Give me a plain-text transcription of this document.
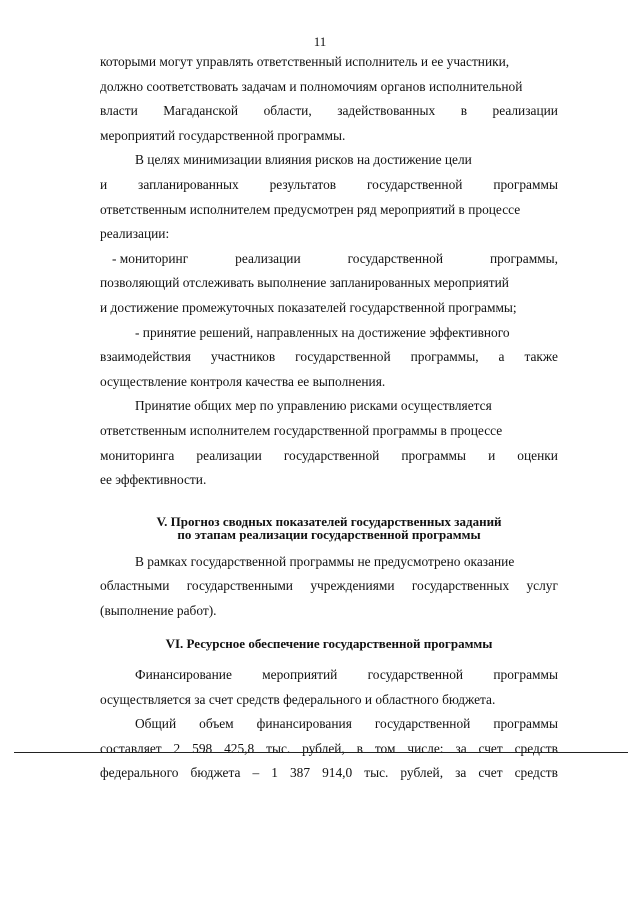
11
которыми могут управлять ответственный исполнитель и ее участники,
должно соответствовать задачам и полномочиям органов исполнительной
власти Магаданской области, задействованных в реализации
мероприятий государственной программы.
В целях минимизации влияния рисков на достижение цели
и запланированных результатов государственной программы
ответственным исполнителем предусмотрен ряд мероприятий в процессе
реализации:
- мониторинг	реализации	государственной	программы,
позволяющий отслеживать выполнение запланированных мероприятий
и достижение промежуточных показателей государственной программы;
- принятие решений, направленных на достижение эффективного
взаимодействия участников государственной программы, а также
осуществление контроля качества ее выполнения.
Принятие общих мер по управлению рисками осуществляется
ответственным исполнителем государственной программы в процессе
мониторинга реализации государственной программы и оценки
ее эффективности.
V. Прогноз сводных показателей государственных заданий
по этапам реализации государственной программы
В рамках государственной программы не предусмотрено оказание
областными государственными учреждениями государственных услуг
(выполнение работ).
VI. Ресурсное обеспечение государственной программы
Финансирование мероприятий государственной программы
осуществляется за счет средств федерального и областного бюджета.
Общий объем финансирования государственной программы
составляет 2 598 425,8 тыс. рублей, в том числе: за счет средств
федерального бюджета – 1 387 914,0 тыс. рублей, за счет средств
